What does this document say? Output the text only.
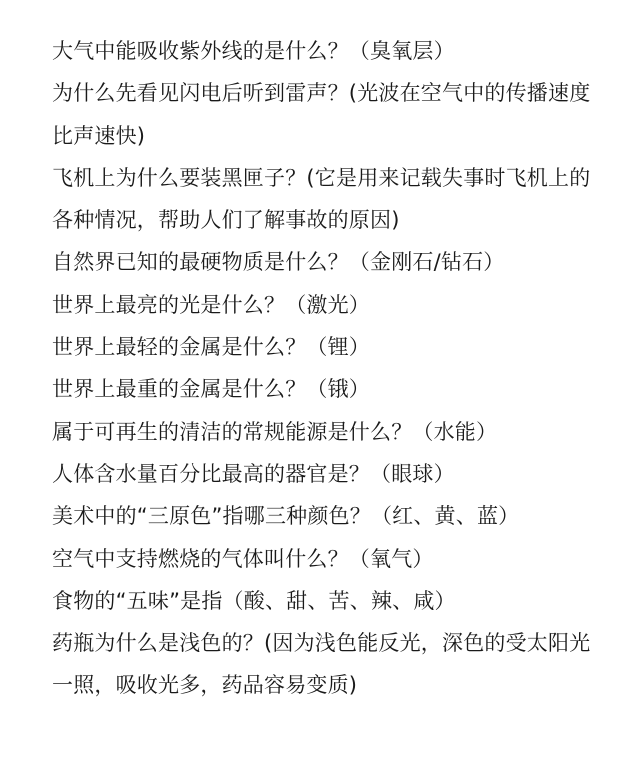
大气中能吸收紫外线的是什么？（臭氧层）
为什么先看见闪电后听到雷声？(光波在空气中的传播速度比声速快)
飞机上为什么要装黑匣子？(它是用来记载失事时飞机上的各种情况，帮助人们了解事故的原因)
自然界已知的最硬物质是什么？（金刚石/钻石）
世界上最亮的光是什么？（激光）
世界上最轻的金属是什么？（锂）
世界上最重的金属是什么？（锇）
属于可再生的清洁的常规能源是什么？（水能）
人体含水量百分比最高的器官是？（眼球）
美术中的“三原色”指哪三种颜色？（红、黄、蓝）
空气中支持燃烧的气体叫什么？（氧气）
食物的“五味”是指（酸、甜、苦、辣、咸）
药瓶为什么是浅色的？(因为浅色能反光，深色的受太阳光一照，吸收光多，药品容易变质)
